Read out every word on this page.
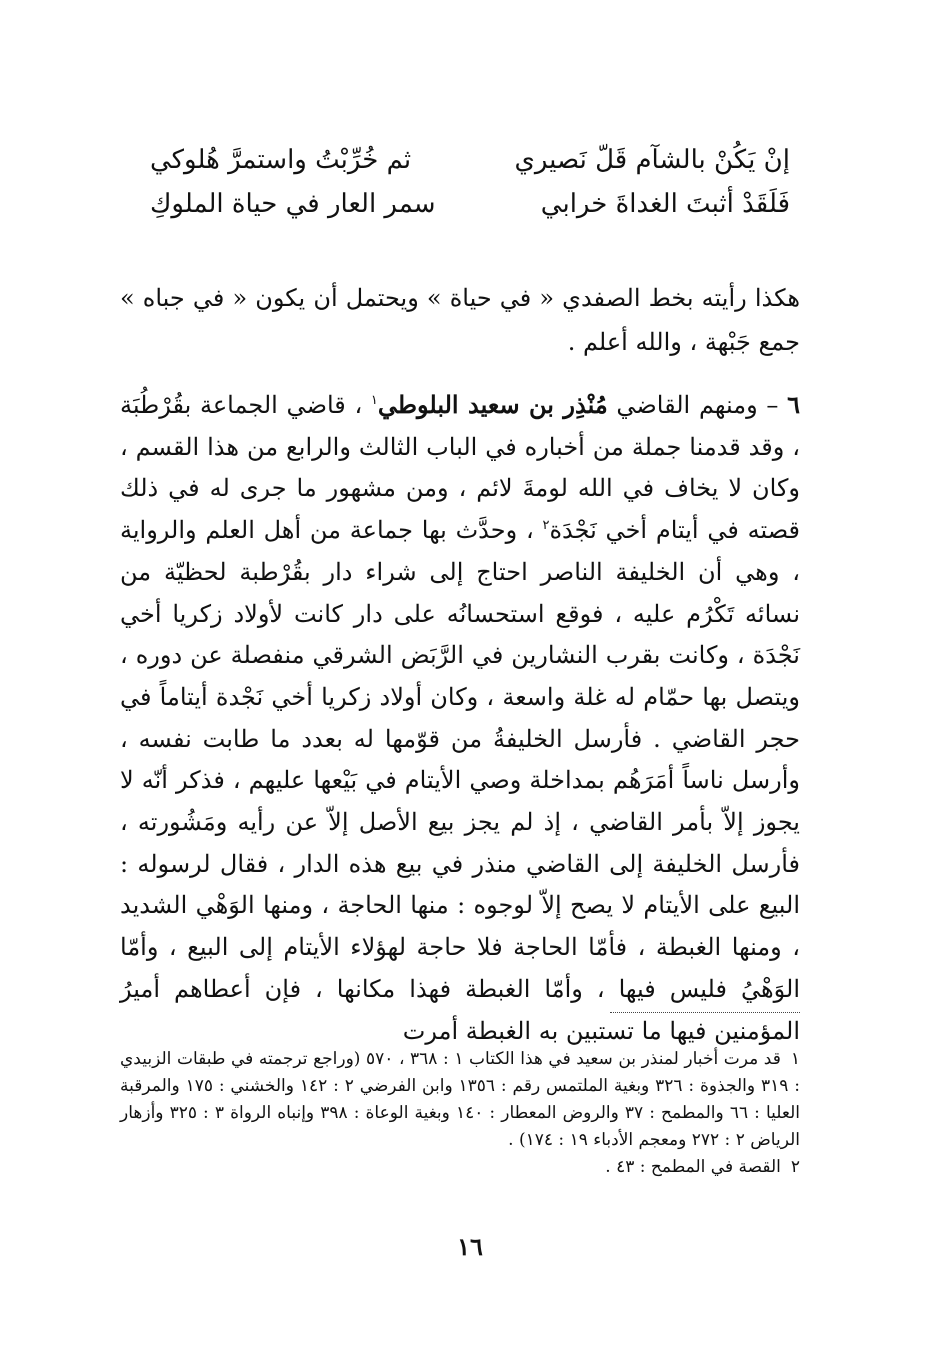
إنْ يَكُنْ بالشآم قَلّ نَصيري
ثم خُرِّبْتُ واستمرَّ هُلوكي
فَلَقَدْ أثبتَ الغداةَ خرابي
سمر العار في حياة الملوكِ

هكذا رأيته بخط الصفدي « في حياة » ويحتمل أن يكون « في جباه » جمع جَبْهة ، والله أعلم .

٦ – ومنهم القاضي مُنْذِر بن سعيد البلوطي$^١$ ، قاضي الجماعة بقُرْطُبَة ، وقد قدمنا جملة من أخباره في الباب الثالث والرابع من هذا القسم ، وكان لا يخاف في الله لومةَ لائم ، ومن مشهور ما جرى له في ذلك قصته في أيتام أخي نَجْدَة$^٢$ ، وحدَّث بها جماعة من أهل العلم والرواية ، وهي أن الخليفة الناصر احتاج إلى شراء دار بقُرْطبة لحظيّة من نسائه تَكْرُم عليه ، فوقع استحسانُه على دار كانت لأولاد زكريا أخي نَجْدَة ، وكانت بقرب النشارين في الرَّبَض الشرقي منفصلة عن دوره ، ويتصل بها حمّام له غلة واسعة ، وكان أولاد زكريا أخي نَجْدة أيتاماً في حجر القاضي . فأرسل الخليفةُ من قوّمها له بعدد ما طابت نفسه ، وأرسل ناساً أمَرَهُم بمداخلة وصي الأيتام في بَيْعها عليهم ، فذكر أنّه لا يجوز إلاّ بأمر القاضي ، إذ لم يجز بيع الأصل إلاّ عن رأيه ومَشُورته ، فأرسل الخليفة إلى القاضي منذر في بيع هذه الدار ، فقال لرسوله : البيع على الأيتام لا يصح إلاّ لوجوه : منها الحاجة ، ومنها الوَهْي الشديد ، ومنها الغبطة ، فأمّا الحاجة فلا حاجة لهؤلاء الأيتام إلى البيع ، وأمّا الوَهْيُ فليس فيها ، وأمّا الغبطة فهذا مكانها ، فإن أعطاهم أميرُ المؤمنين فيها ما تستبين به الغبطة أمرت

١قد مرت أخبار لمنذر بن سعيد في هذا الكتاب ١ : ٣٦٨ ، ٥٧٠ (وراجع ترجمته في طبقات الزبيدي : ٣١٩ والجذوة : ٣٢٦ وبغية الملتمس رقم : ١٣٥٦ وابن الفرضي ٢ : ١٤٢ والخشني : ١٧٥ والمرقبة العليا : ٦٦ والمطمح : ٣٧ والروض المعطار : ١٤٠ وبغية الوعاة : ٣٩٨ وإنباه الرواة ٣ : ٣٢٥ وأزهار الرياض ٢ : ٢٧٢ ومعجم الأدباء ١٩ : ١٧٤) .

٢القصة في المطمح : ٤٣ .

١٦
